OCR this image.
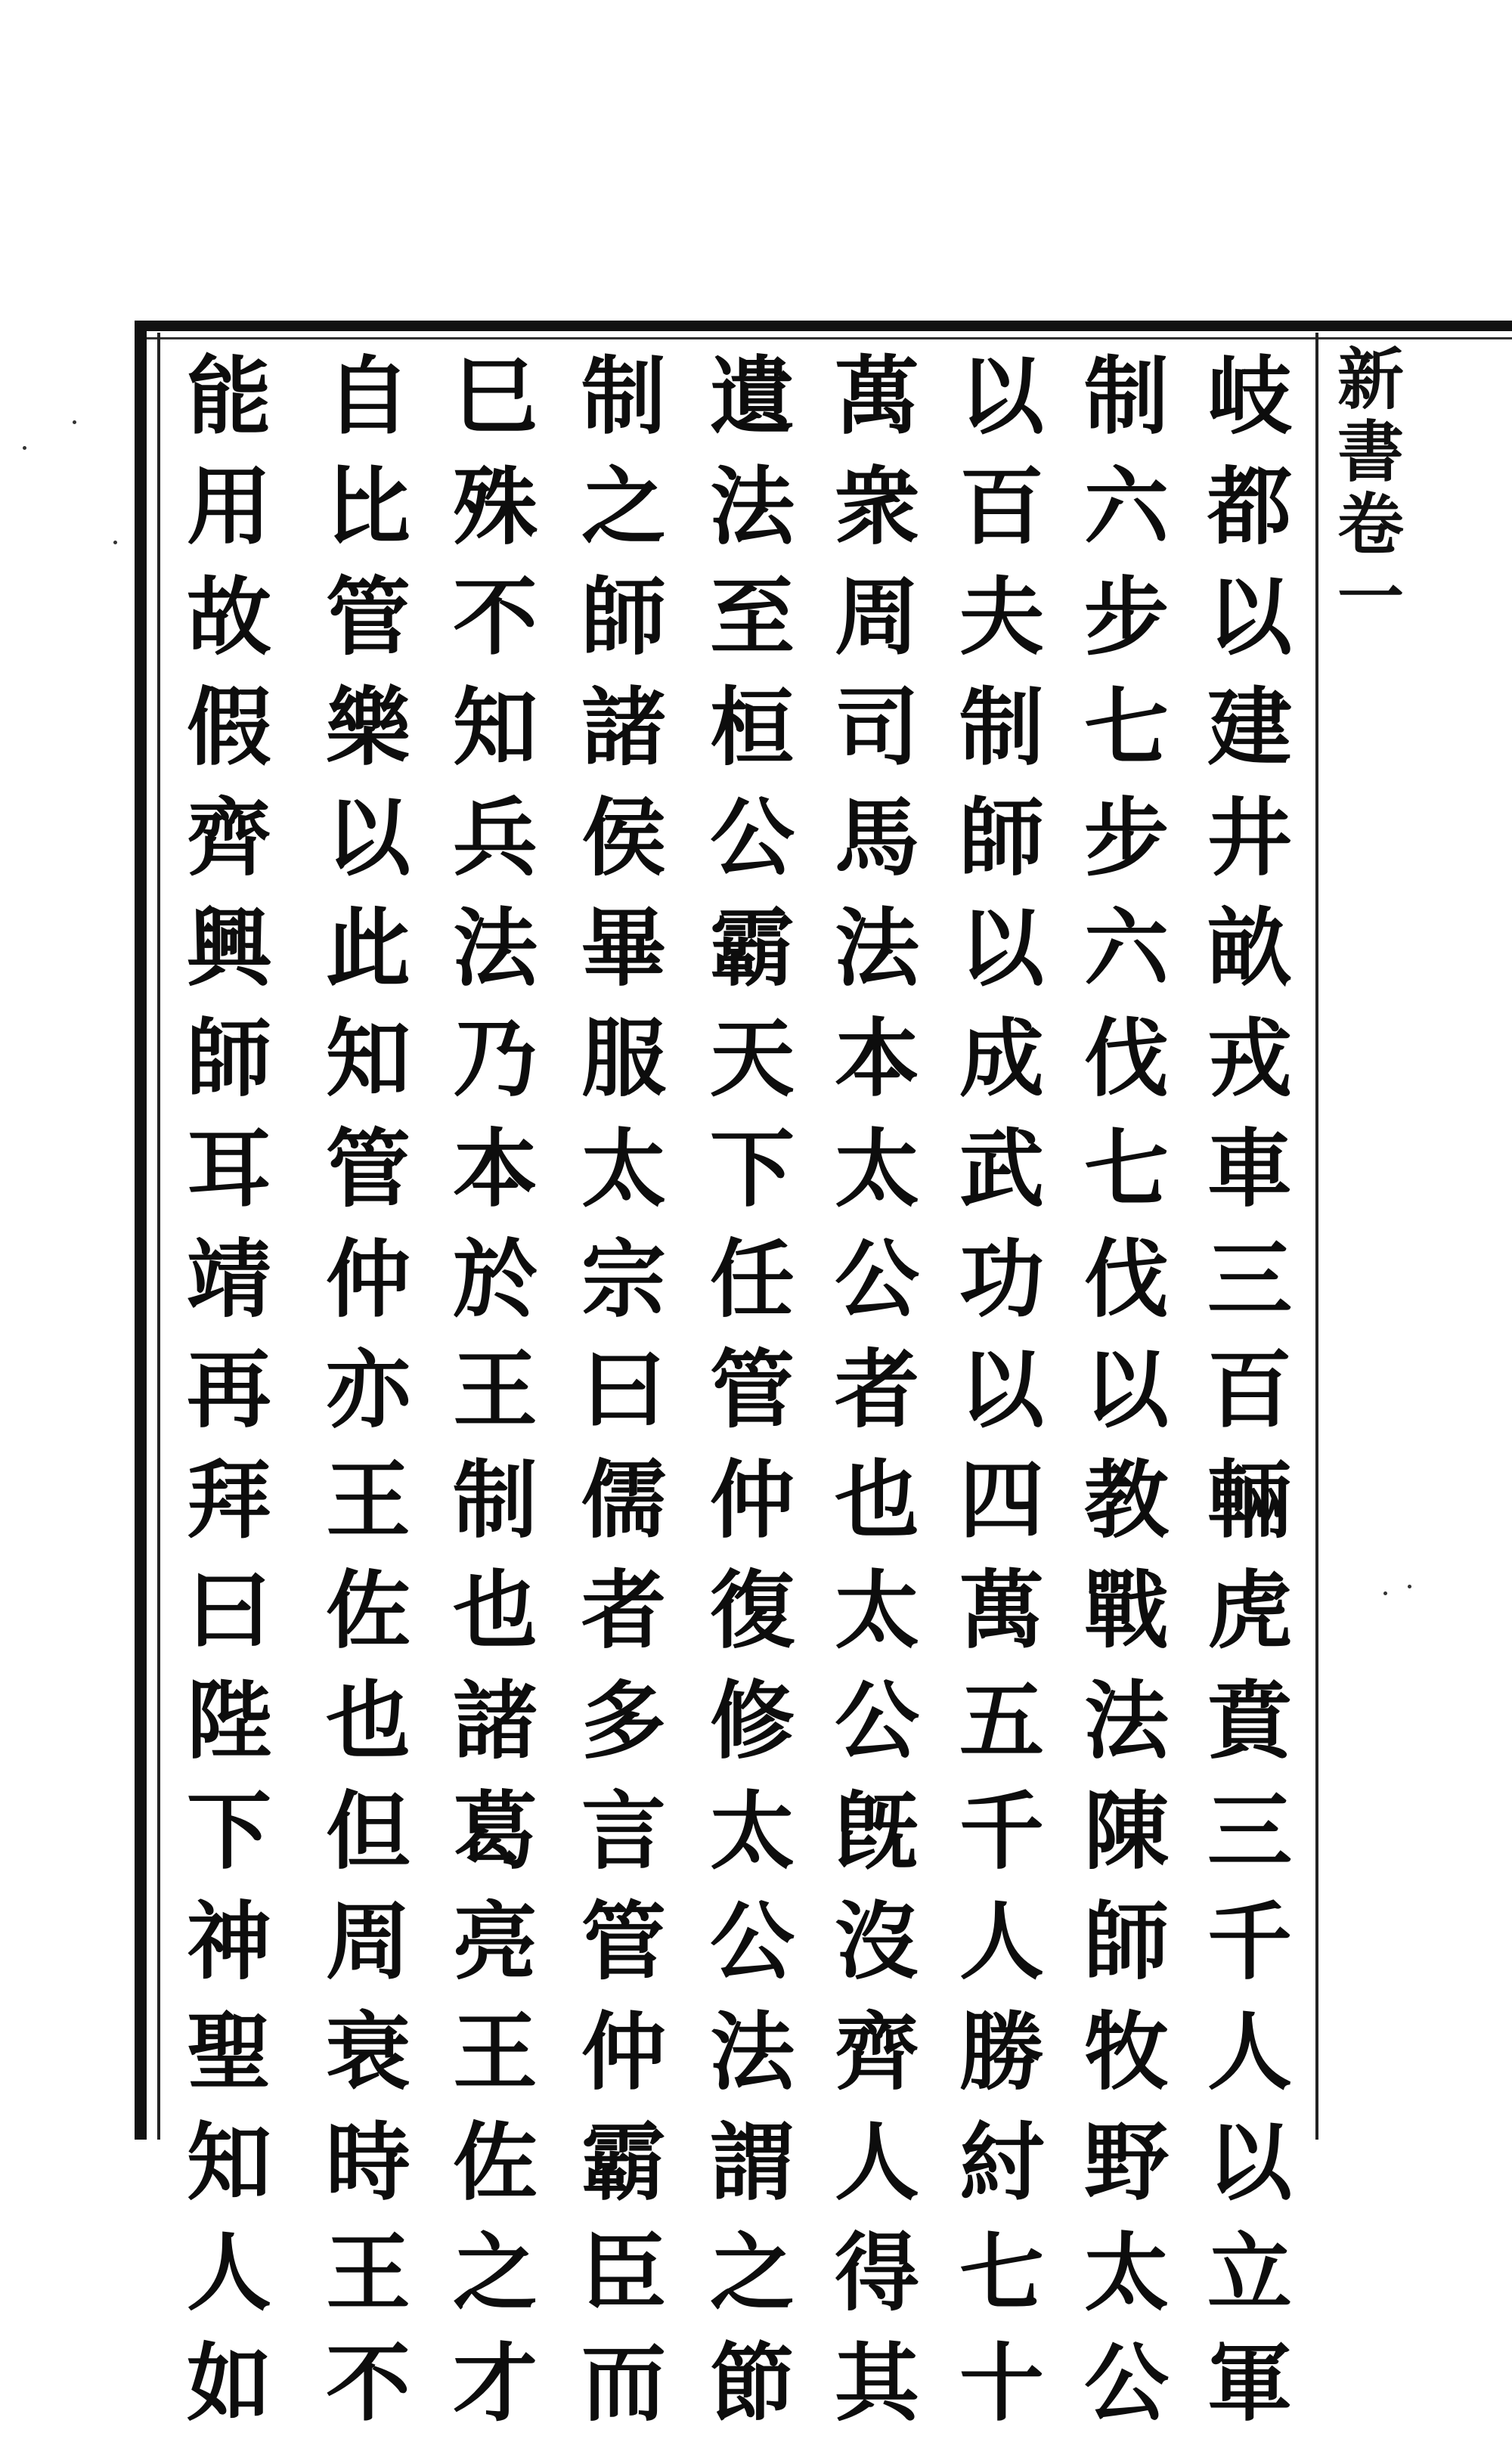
新書卷一
岐
都
以
建
井
畝
戎
車
三
百
輛
虎
賁
三
千
人
以
立
軍
制
六
步
七
步
六
伐
七
伐
以
教
戰
法
陳
師
牧
野
太
公
以
百
夫
制
師
以
成
武
功
以
四
萬
五
千
人
勝
紂
七
十
萬
衆
周
司
馬
法
本
太
公
者
也
太
公
旣
沒
齊
人
得
其
遺
法
至
桓
公
霸
天
下
任
管
仲
復
修
太
公
法
謂
之
節
制
之
師
諸
侯
畢
服
太
宗
曰
儒
者
多
言
管
仲
霸
臣
而
巳
殊
不
知
兵
法
乃
本
於
王
制
也
諸
葛
亮
王
佐
之
才
自
比
管
樂
以
此
知
管
仲
亦
王
佐
也
但
周
衰
時
王
不
能
用
故
假
齊
興
師
耳
靖
再
拜
曰
陛
下
神
聖
知
人
如
